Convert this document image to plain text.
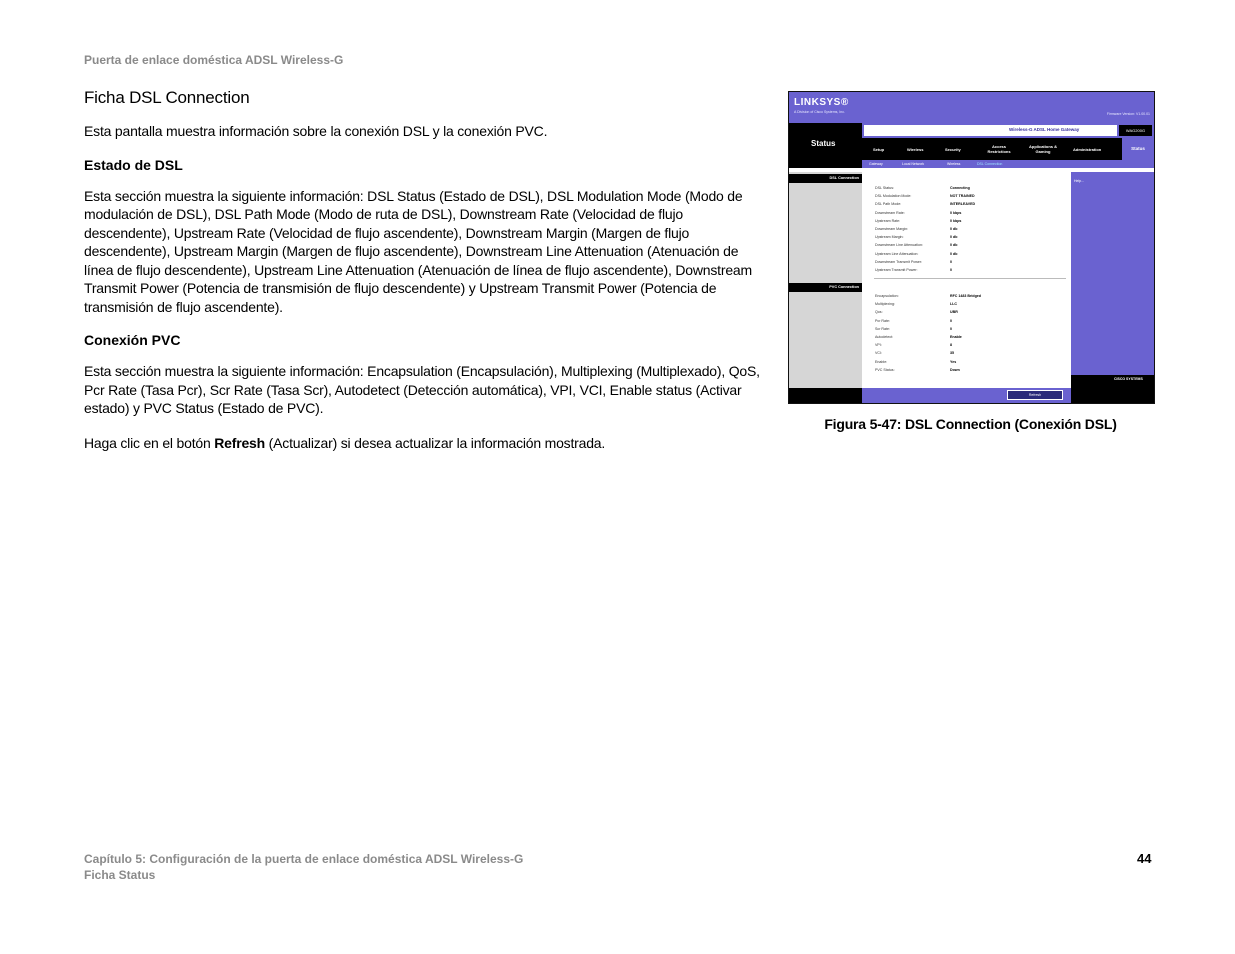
Puerta de enlace doméstica ADSL Wireless-G
Ficha DSL Connection

Esta pantalla muestra información sobre la conexión DSL y la conexión PVC.

Estado de DSL

Esta sección muestra la siguiente información: DSL Status (Estado de DSL), DSL Modulation Mode (Modo de modulación de DSL), DSL Path Mode (Modo de ruta de DSL), Downstream Rate (Velocidad de flujo descendente), Upstream Rate (Velocidad de flujo ascendente), Downstream Margin (Margen de flujo descendente), Upstream Margin (Margen de flujo ascendente), Downstream Line Attenuation (Atenuación de línea de flujo descendente), Upstream Line Attenuation (Atenuación de línea de flujo ascendente), Downstream Transmit Power (Potencia de transmisión de flujo descendente) y Upstream Transmit Power (Potencia de transmisión de flujo ascendente).

Conexión PVC

Esta sección muestra la siguiente información: Encapsulation (Encapsulación), Multiplexing (Multiplexado), QoS, Pcr Rate (Tasa Pcr), Scr Rate (Tasa Scr), Autodetect (Detección automática), VPI, VCI, Enable status (Activar estado) y PVC Status (Estado de PVC).

Haga clic en el botón Refresh (Actualizar) si desea actualizar la información mostrada.

LINKSYS®
A Division of Cisco Systems, Inc.	Firmware Version: V1.00.01
Status
Wireless-G ADSL Home Gateway	WAG200G
Setup	Wireless	Security
Access Restrictions
Applications & Gaming	Administration	Status
Gateway	Local Network	Wireless	DSL Connection
DSL Connection
PVC Connection
Help...
CISCO SYSTEMS
Refresh
DSL Status:	Connecting
DSL Modulation Mode:	NOT TRAINED
DSL Path Mode:	INTERLEAVED
Downstream Rate:	0 kbps
Upstream Rate:	0 kbps
Downstream Margin:	0 db
Upstream Margin:	0 db
Downstream Line Attenuation:	0 db
Upstream Line Attenuation:	0 db
Downstream Transmit Power:	0
Upstream Transmit Power:	0
Encapsulation:	RFC 1483 Bridged
Multiplexing:	LLC
Qos:	UBR
Pcr Rate:	0
Scr Rate:	0
Autodetect:	Enable
VPI:	8
VCI:	35
Enable:	Yes
PVC Status:	Down
Figura 5-47: DSL Connection (Conexión DSL)
Capítulo 5: Configuración de la puerta de enlace doméstica ADSL Wireless-G
Ficha Status
44
